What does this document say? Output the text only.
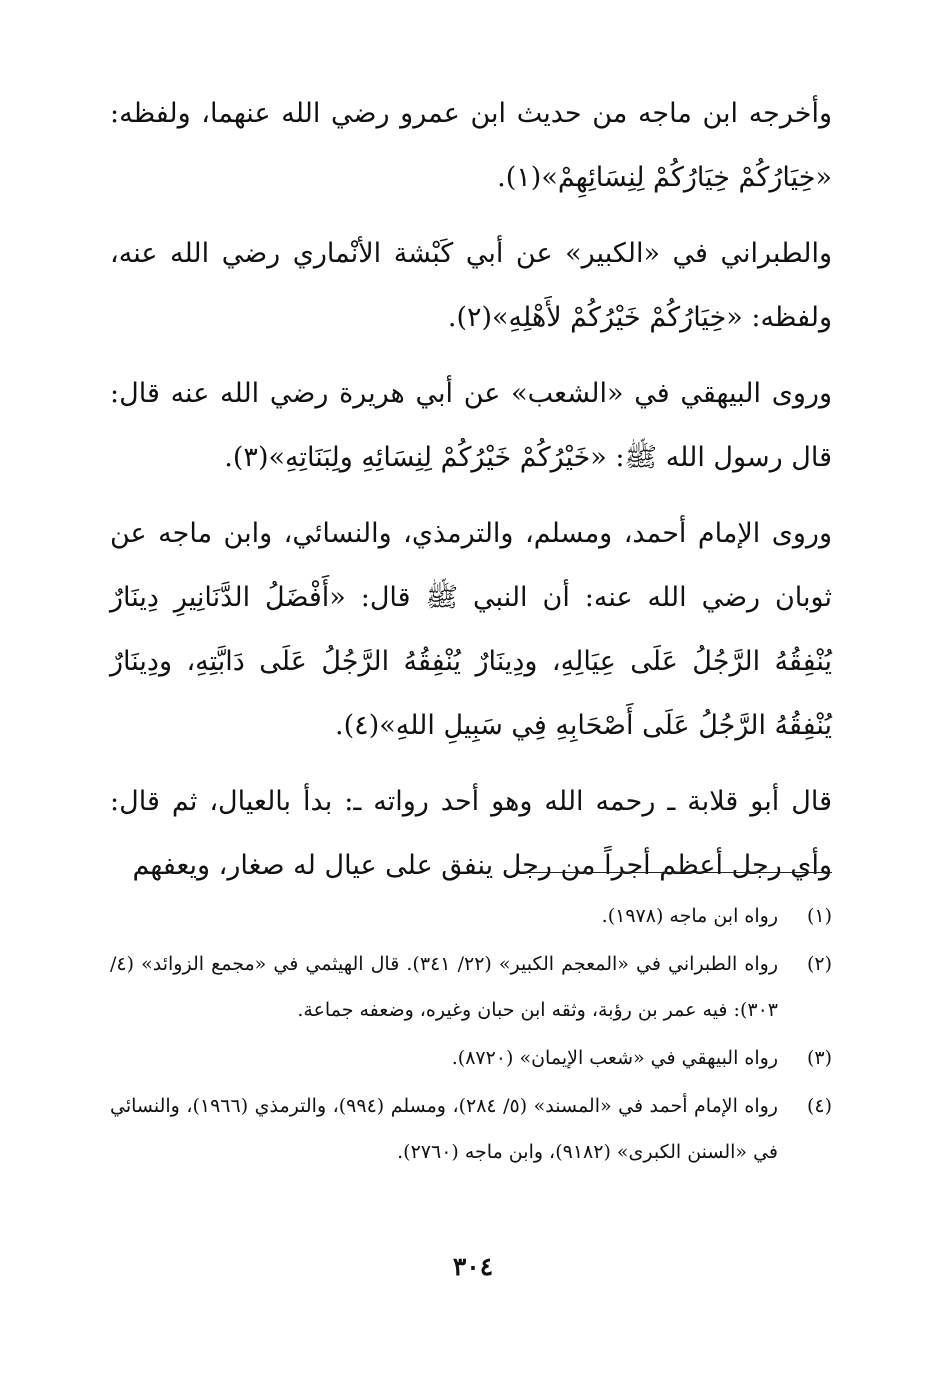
وأخرجه ابن ماجه من حديث ابن عمرو رضي الله عنهما، ولفظه: «خِيَارُكُمْ خِيَارُكُمْ لِنِسَائِهِمْ»(١).

والطبراني في «الكبير» عن أبي كَبْشة الأنْماري رضي الله عنه، ولفظه: «خِيَارُكُمْ خَيْرُكُمْ لأَهْلِهِ»(٢).

وروى البيهقي في «الشعب» عن أبي هريرة رضي الله عنه قال: قال رسول الله ﷺ: «خَيْرُكُمْ خَيْرُكُمْ لِنِسَائِهِ ولِبَنَاتِهِ»(٣).

وروى الإمام أحمد، ومسلم، والترمذي، والنسائي، وابن ماجه عن ثوبان رضي الله عنه: أن النبي ﷺ قال: «أَفْضَلُ الدَّنَانِيرِ دِينَارٌ يُنْفِقُهُ الرَّجُلُ عَلَى عِيَالِهِ، ودِينَارٌ يُنْفِقُهُ الرَّجُلُ عَلَى دَابَّتِهِ، ودِينَارٌ يُنْفِقُهُ الرَّجُلُ عَلَى أَصْحَابِهِ فِي سَبِيلِ اللهِ»(٤).

قال أبو قلابة ـ رحمه الله وهو أحد رواته ـ: بدأ بالعيال، ثم قال: وأي رجل أعظم أجراً من رجل ينفق على عيال له صغار، ويعفهم

(١)
رواه ابن ماجه (١٩٧٨).
(٢)
رواه الطبراني في «المعجم الكبير» (٢٢/ ٣٤١). قال الهيثمي في «مجمع الزوائد» (٤/ ٣٠٣): فيه عمر بن رؤبة، وثقه ابن حبان وغيره، وضعفه جماعة.
(٣)
رواه البيهقي في «شعب الإيمان» (٨٧٢٠).
(٤)
رواه الإمام أحمد في «المسند» (٥/ ٢٨٤)، ومسلم (٩٩٤)، والترمذي (١٩٦٦)، والنسائي في «السنن الكبرى» (٩١٨٢)، وابن ماجه (٢٧٦٠).
٣٠٤
